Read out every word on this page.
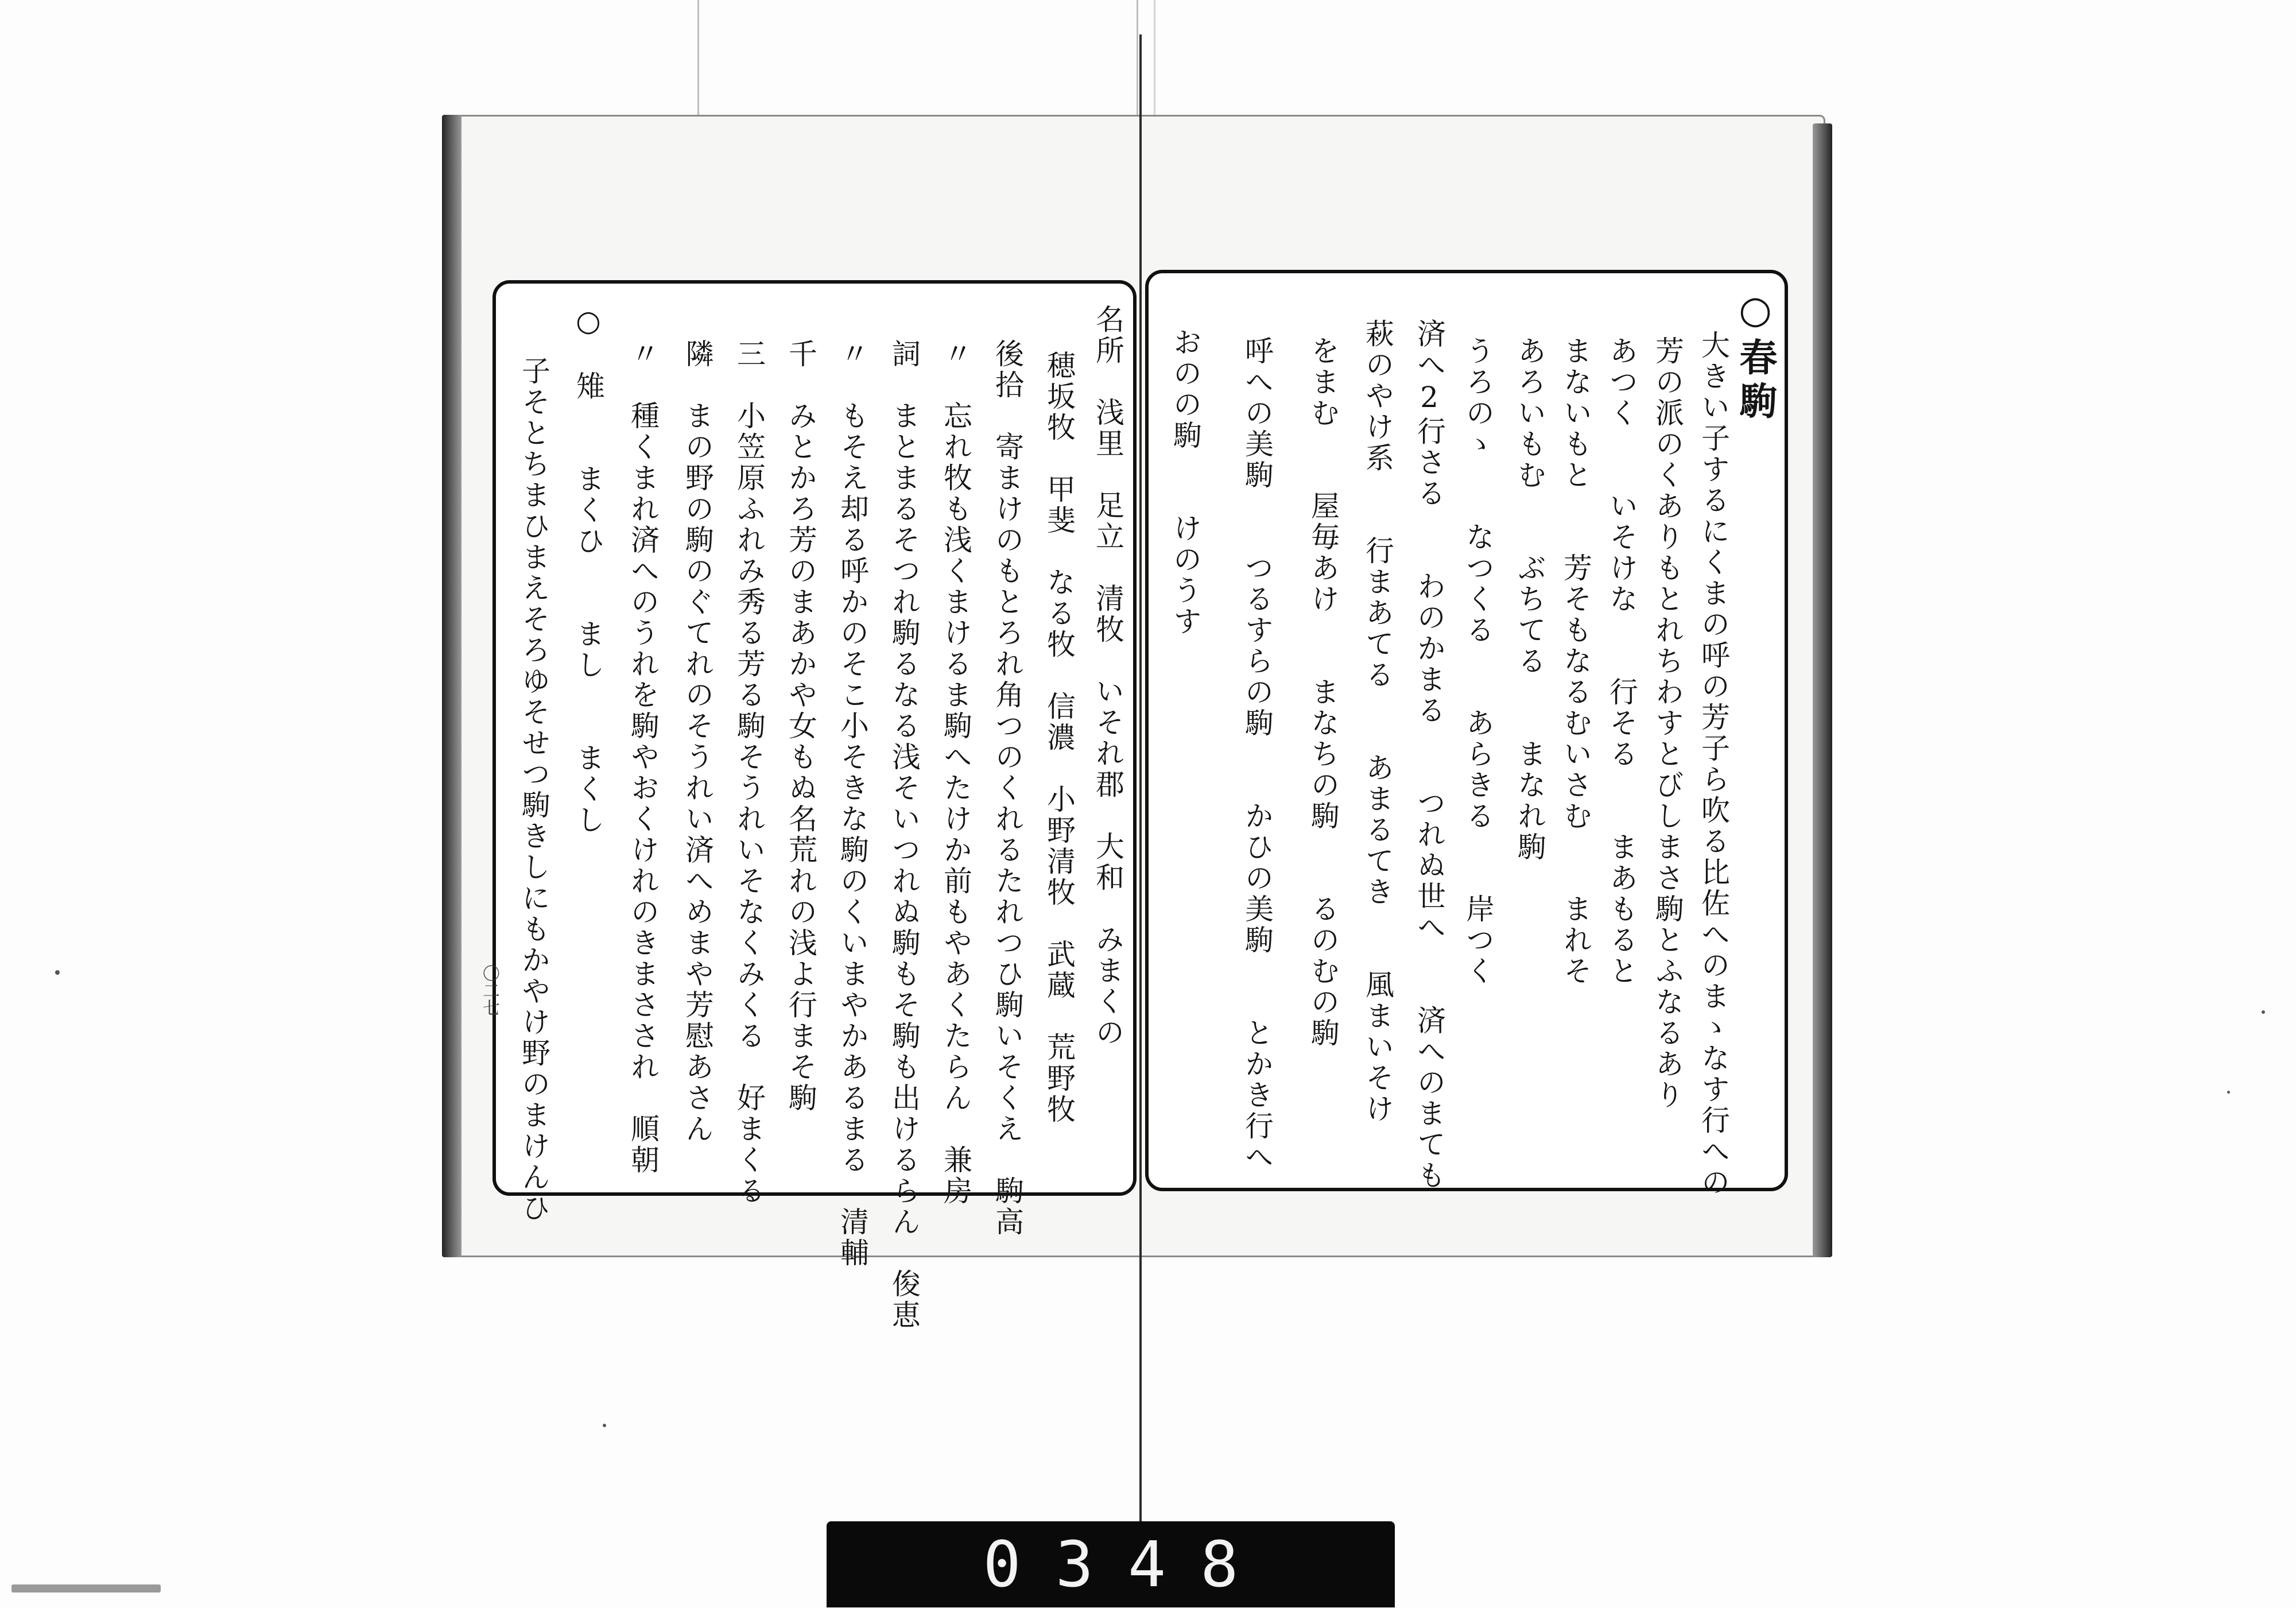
○春駒
大きい子するにくまの呼の芳子ら吹る比佐へのまゝなす行への
芳の派のくありもとれちわすとびしまさ駒とふなるあり
あつく　　いそけな　　行そる　　まあもると
まないもと　　芳そもなるむいさむ　　まれそ
あろいもむ　　ぶちてる　　まなれ駒
うろのゝ　　なつくる　　あらきる　　岸つく
済へ2行さる　　わのかまる　　つれぬ世へ　　済へのまても
萩のやけ系　　行まあてる　　あまるてき　　風まいそけ
をまむ　　屋毎あけ　　まなちの駒　　るのむの駒
呼への美駒　　つるすらの駒　　かひの美駒　　とかき行へ
おのの駒　　けのうす
名所　浅里　足立　清牧　いそれ郡　大和　みまくの
穂坂牧　甲斐　なる牧　信濃　小野清牧　武蔵　荒野牧
後拾　寄まけのもとろれ角つのくれるたれつひ駒いそくえ　駒高
〃　忘れ牧も浅くまけるま駒へたけか前もやあくたらん　兼房
詞　まとまるそつれ駒るなる浅そいつれぬ駒もそ駒も出けるらん　俊恵
〃　もそえ却る呼かのそこ小そきな駒のくいまやかあるまる　清輔
千　みとかろ芳のまあかや女もぬ名荒れの浅よ行まそ駒
三　小笠原ふれみ秀る芳る駒そうれいそなくみくる　好まくる
隣　まの野の駒のぐてれのそうれい済へめまや芳慰あさん
〃　種くまれ済へのうれを駒やおくけれのきまさされ　順朝
○　雉　　まくひ　　まし　　まくし
子そとちまひまえそろゆそせつ駒きしにもかやけ野のまけんひ
〇二七
0348
